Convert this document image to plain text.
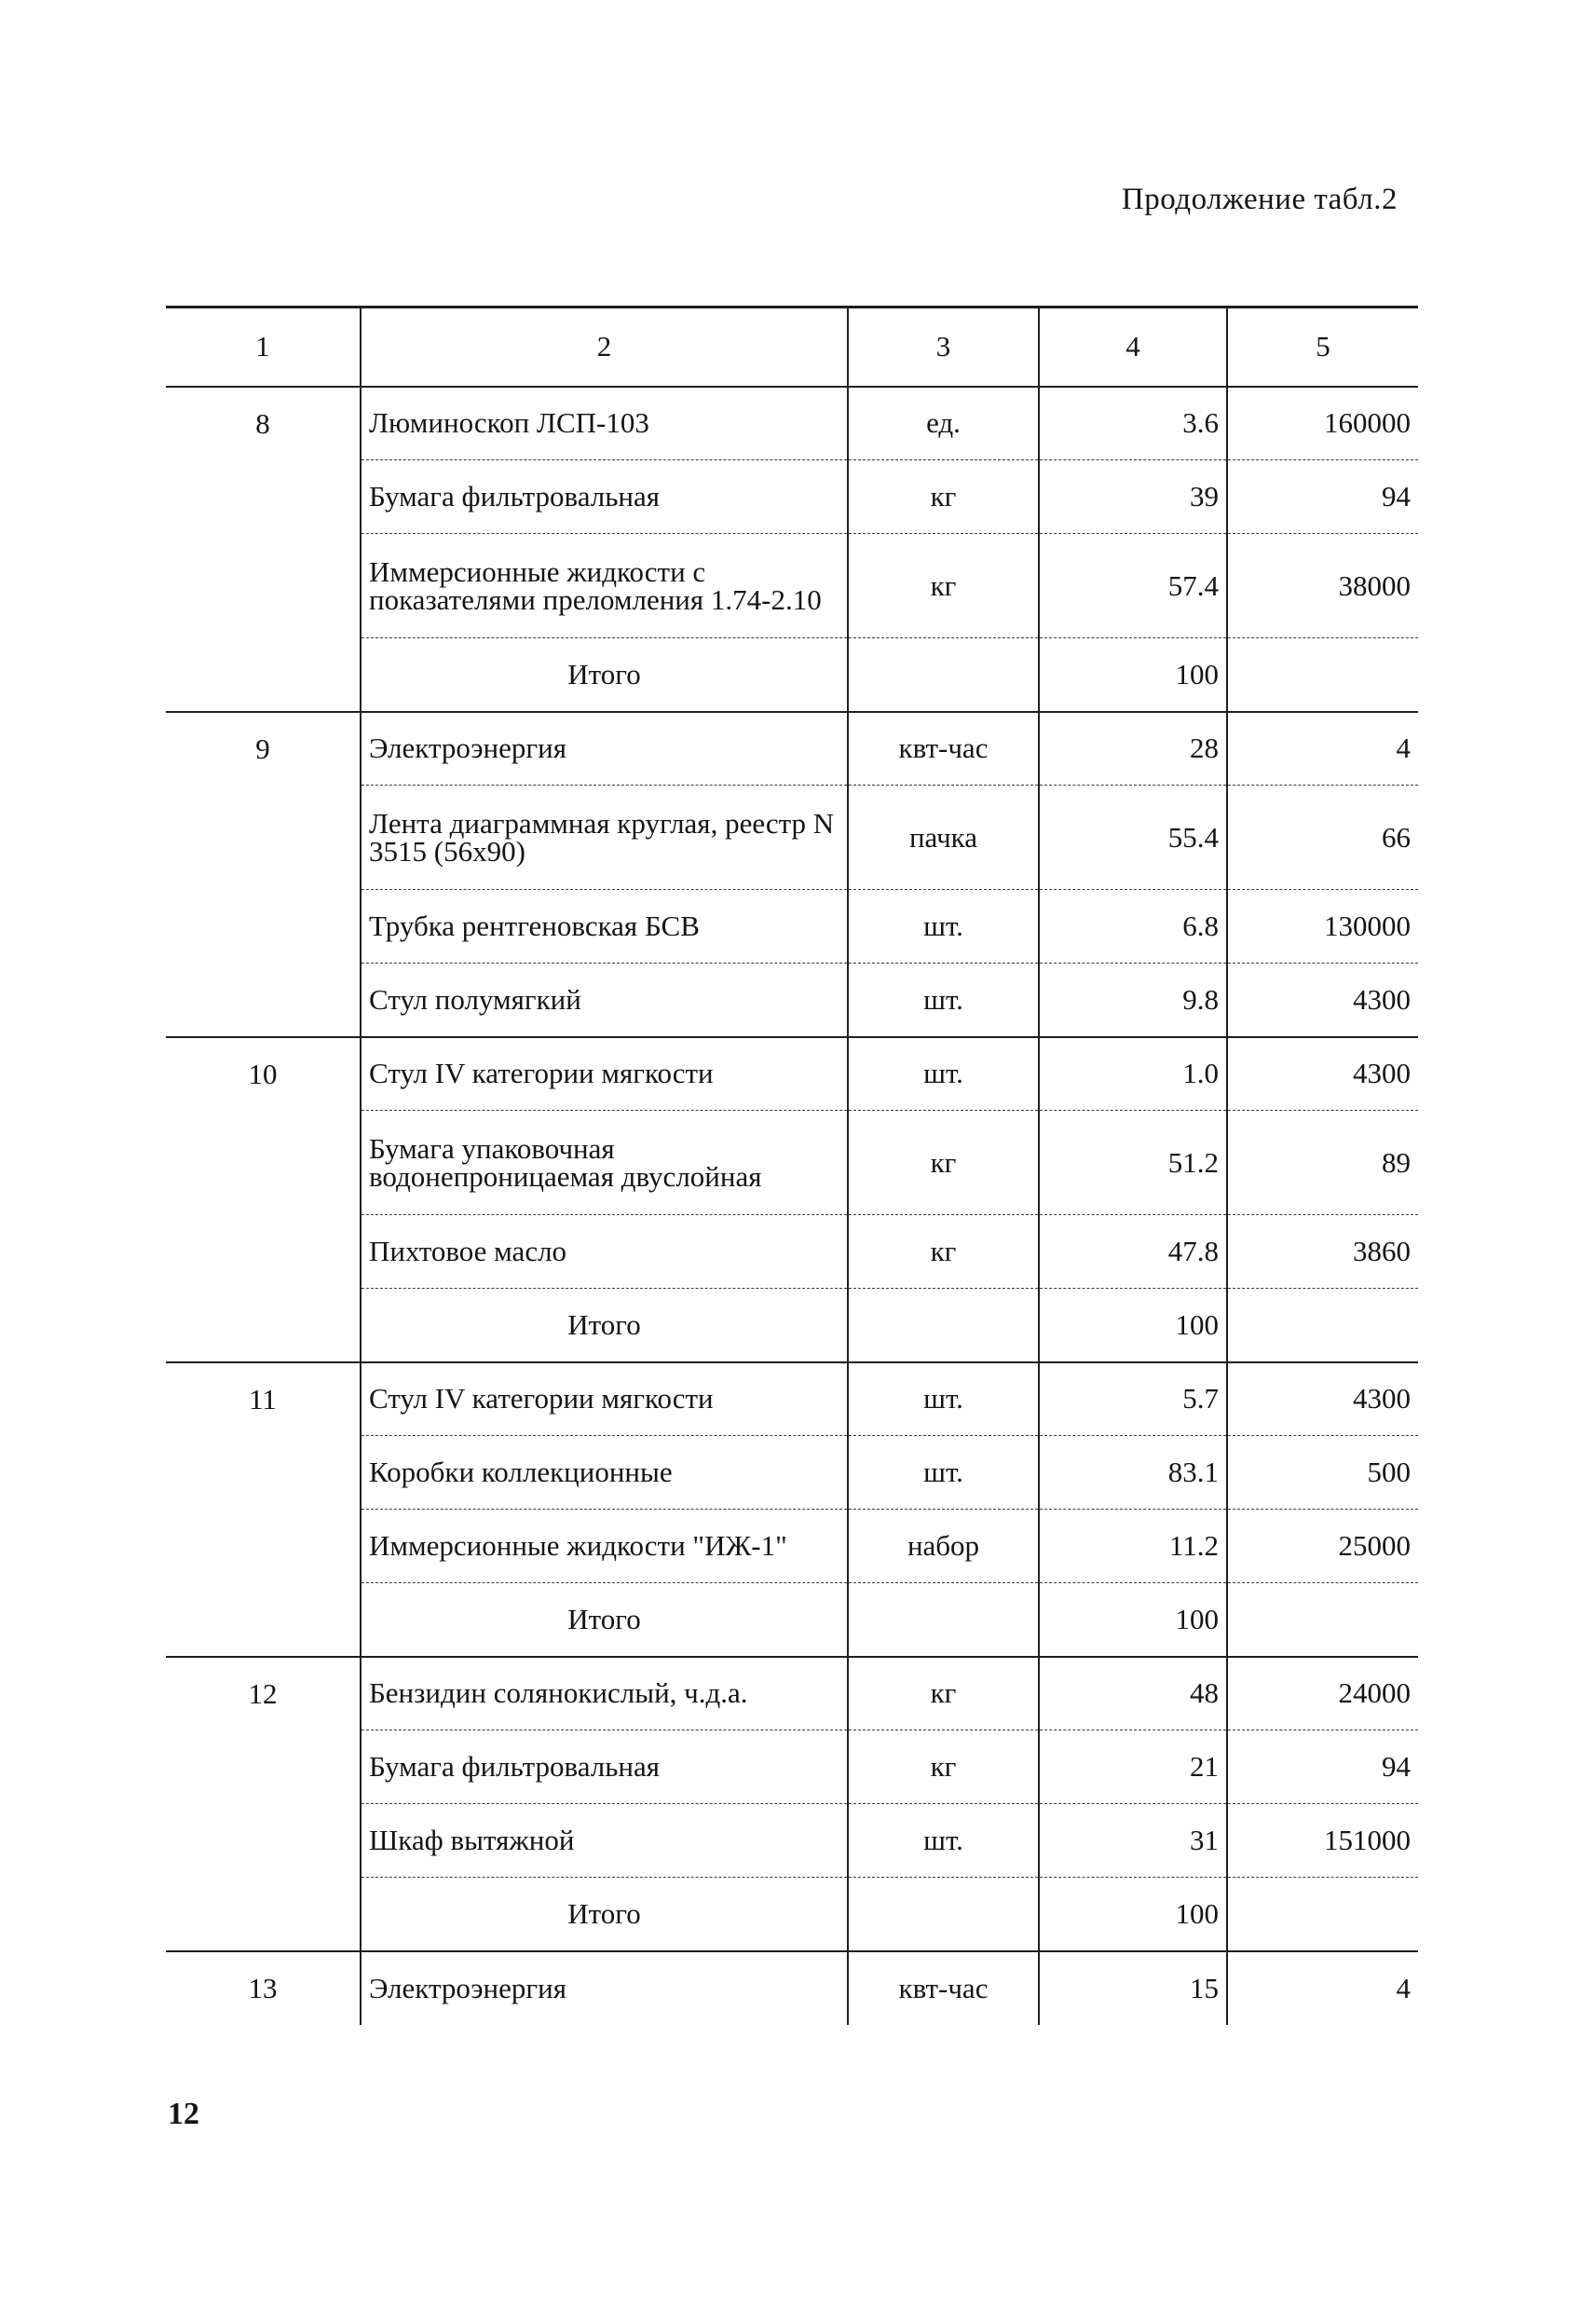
Продолжение табл.2
1	2	3	4	5
8	Люминоскоп ЛСП-103	ед.	3.6	160000
	Бумага фильтровальная	кг	39	94
	Иммерсионные жидкости с показателями преломления 1.74-2.10	кг	57.4	38000
	Итого		100	
9	Электроэнергия	квт-час	28	4
	Лента диаграммная круглая, реестр N 3515 (56х90)	пачка	55.4	66
	Трубка рентгеновская БСВ	шт.	6.8	130000
	Стул полумягкий	шт.	9.8	4300
10	Стул IV категории мягкости	шт.	1.0	4300
	Бумага упаковочная водонепроницаемая двуслойная	кг	51.2	89
	Пихтовое масло	кг	47.8	3860
	Итого		100	
11	Стул IV категории мягкости	шт.	5.7	4300
	Коробки коллекционные	шт.	83.1	500
	Иммерсионные жидкости "ИЖ-1"	набор	11.2	25000
	Итого		100	
12	Бензидин солянокислый, ч.д.а.	кг	48	24000
	Бумага фильтровальная	кг	21	94
	Шкаф вытяжной	шт.	31	151000
	Итого		100	
13	Электроэнергия	квт-час	15	4
12
